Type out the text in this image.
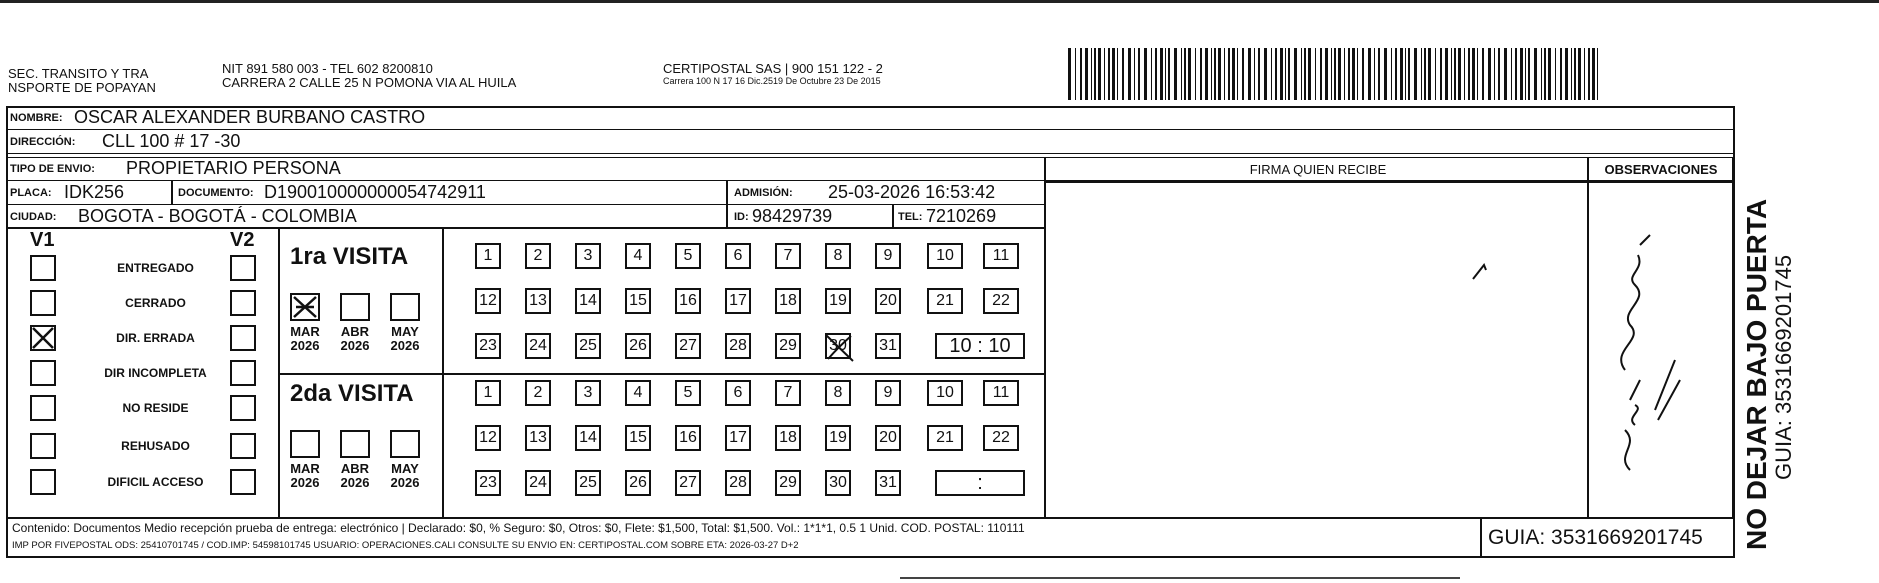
SEC. TRANSITO Y TRA
NSPORTE DE POPAYAN
NIT 891 580 003 - TEL 602 8200810
CARRERA 2 CALLE 25 N POMONA VIA AL HUILA
CERTIPOSTAL SAS | 900 151 122 - 2
Carrera 100 N 17 16 Dic.2519 De Octubre 23 De 2015
NOMBRE: OSCAR ALEXANDER BURBANO CASTRO
DIRECCIÓN: CLL 100 # 17 -30
TIPO DE ENVIO: PROPIETARIO PERSONA	FIRMA QUIEN RECIBE	OBSERVACIONES
PLACA: IDK256	DOCUMENTO: D190010000000054742911	ADMISIÓN: 25-03-2026 16:53:42
CIUDAD: BOGOTA - BOGOTÁ - COLOMBIA	ID: 98429739	TEL: 7210269
V1	V2
ENTREGADO
CERRADO
DIR. ERRADA
DIR INCOMPLETA
NO RESIDE
REHUSADO
DIFICIL ACCESO
1ra VISITA
2da VISITA
MAR
2026
ABR
2026
MAY
2026
1	2	3	4	5	6	7	8	9	10	11
12 13 14 15 16 17 18 19 20	21	22
23 24 25 26 27 28 29 30 31	10 : 10
MAR
2026
ABR
2026
MAY
2026
1	2	3	4	5	6	7	8	9	10	11
12 13 14 15 16 17 18 19 20	21	22
23 24 25 26 27 28 29 30 31	:
Contenido: Documentos Medio recepción prueba de entrega: electrónico | Declarado: $0, % Seguro: $0, Otros: $0, Flete: $1,500, Total: $1,500. Vol.: 1*1*1, 0.5 1 Unid. COD. POSTAL: 110111
IMP POR FIVEPOSTAL ODS: 25410701745 / COD.IMP: 54598101745 USUARIO: OPERACIONES.CALI CONSULTE SU ENVIO EN: CERTIPOSTAL.COM SOBRE ETA: 2026-03-27 D+2	GUIA: 3531669201745 NO DEJAR BAJO PUERTA GUIA: 3531669201745
